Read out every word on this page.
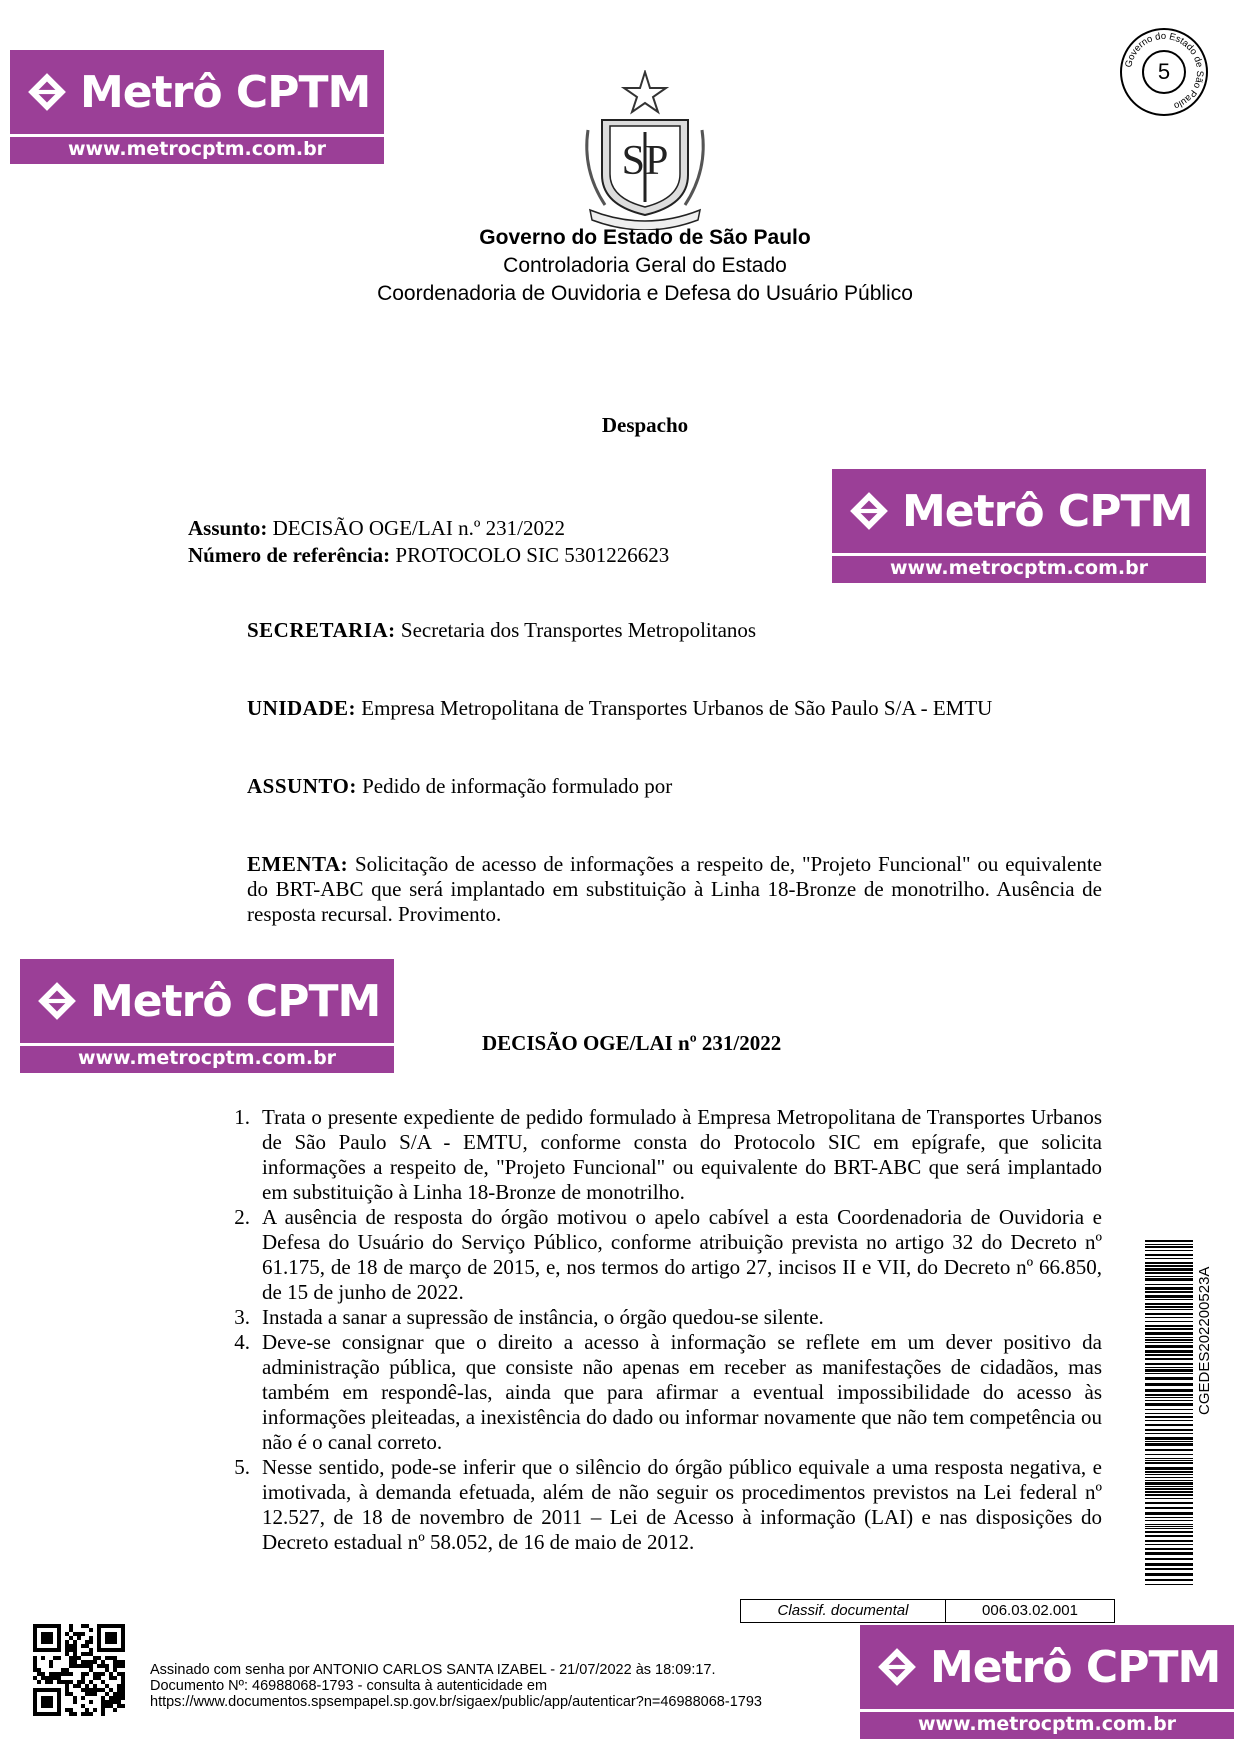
Metrô CPTM
www.metrocptm.com.br
Metrô CPTM
www.metrocptm.com.br
Metrô CPTM
www.metrocptm.com.br
Metrô CPTM
www.metrocptm.com.br
SP
Governo do Estado de São Paulo
5
Governo do Estado de São Paulo
Controladoria Geral do Estado
Coordenadoria de Ouvidoria e Defesa do Usuário Público
Despacho
Assunto: DECISÃO OGE/LAI n.º 231/2022
Número de referência: PROTOCOLO SIC 5301226623
SECRETARIA: Secretaria dos Transportes Metropolitanos
UNIDADE: Empresa Metropolitana de Transportes Urbanos de São Paulo S/A - EMTU
ASSUNTO: Pedido de informação formulado por
EMENTA: Solicitação de acesso de informações a respeito de, "Projeto Funcional" ou equivalente do BRT-ABC que será implantado em substituição à Linha 18-Bronze de monotrilho. Ausência de resposta recursal. Provimento.
DECISÃO OGE/LAI nº 231/2022
1. Trata o presente expediente de pedido formulado à Empresa Metropolitana de Transportes Urbanos de São Paulo S/A - EMTU, conforme consta do Protocolo SIC em epígrafe, que solicita informações a respeito de, "Projeto Funcional" ou equivalente do BRT-ABC que será implantado em substituição à Linha 18-Bronze de monotrilho.
2. A ausência de resposta do órgão motivou o apelo cabível a esta Coordenadoria de Ouvidoria e Defesa do Usuário do Serviço Público, conforme atribuição prevista no artigo 32 do Decreto nº 61.175, de 18 de março de 2015, e, nos termos do artigo 27, incisos II e VII, do Decreto nº 66.850, de 15 de junho de 2022.
3. Instada a sanar a supressão de instância, o órgão quedou-se silente.
4. Deve-se consignar que o direito a acesso à informação se reflete em um dever positivo da administração pública, que consiste não apenas em receber as manifestações de cidadãos, mas também em respondê-las, ainda que para afirmar a eventual impossibilidade do acesso às informações pleiteadas, a inexistência do dado ou informar novamente que não tem competência ou não é o canal correto.
5. Nesse sentido, pode-se inferir que o silêncio do órgão público equivale a uma resposta negativa, e imotivada, à demanda efetuada, além de não seguir os procedimentos previstos na Lei federal nº 12.527, de 18 de novembro de 2011 – Lei de Acesso à informação (LAI) e nas disposições do Decreto estadual nº 58.052, de 16 de maio de 2012.
CGEDES202200523A
Classif. documental	006.03.02.001
Assinado com senha por ANTONIO CARLOS SANTA IZABEL - 21/07/2022 às 18:09:17.
Documento Nº: 46988068-1793 - consulta à autenticidade em
https://www.documentos.spsempapel.sp.gov.br/sigaex/public/app/autenticar?n=46988068-1793
